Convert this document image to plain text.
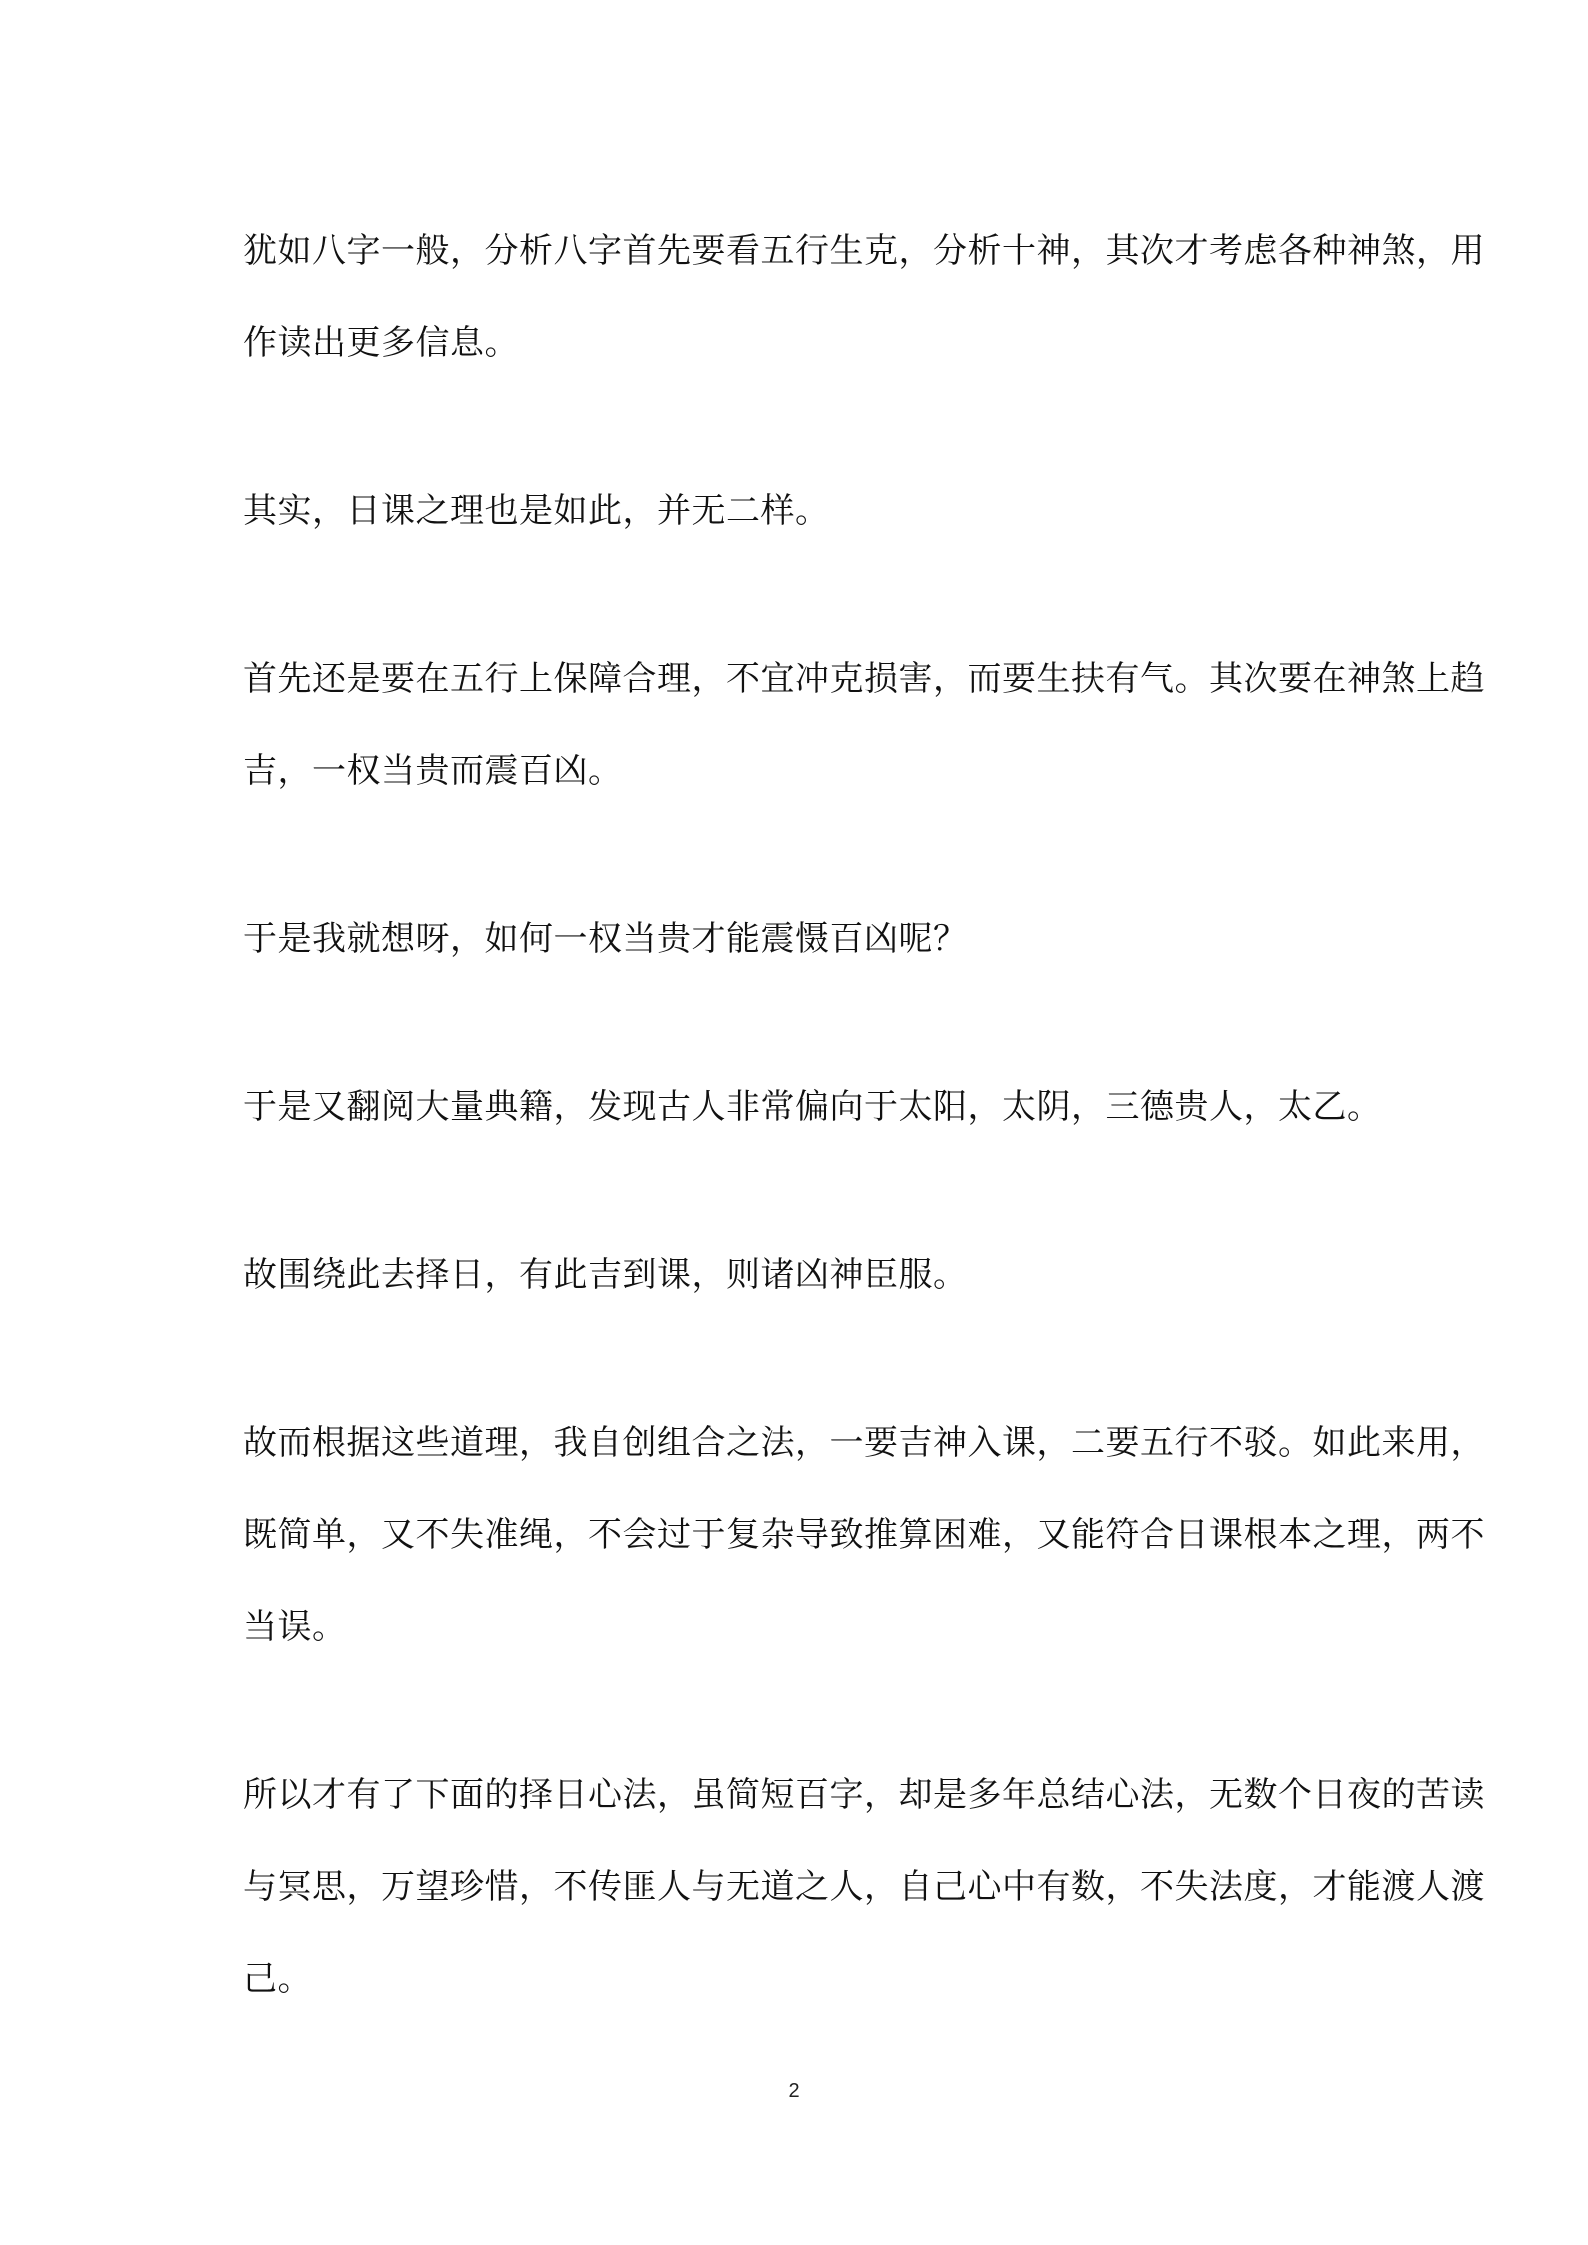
犹如八字一般，分析八字首先要看五行生克，分析十神，其次才考虑各种神煞，用作读出更多信息。

其实，日课之理也是如此，并无二样。

首先还是要在五行上保障合理，不宜冲克损害，而要生扶有气。其次要在神煞上趋吉，一权当贵而震百凶。

于是我就想呀，如何一权当贵才能震慑百凶呢？

于是又翻阅大量典籍，发现古人非常偏向于太阳，太阴，三德贵人，太乙。

故围绕此去择日，有此吉到课，则诸凶神臣服。

故而根据这些道理，我自创组合之法，一要吉神入课，二要五行不驳。如此来用，既简单，又不失准绳，不会过于复杂导致推算困难，又能符合日课根本之理，两不当误。

所以才有了下面的择日心法，虽简短百字，却是多年总结心法，无数个日夜的苦读与冥思，万望珍惜，不传匪人与无道之人，自己心中有数，不失法度，才能渡人渡己。

2
